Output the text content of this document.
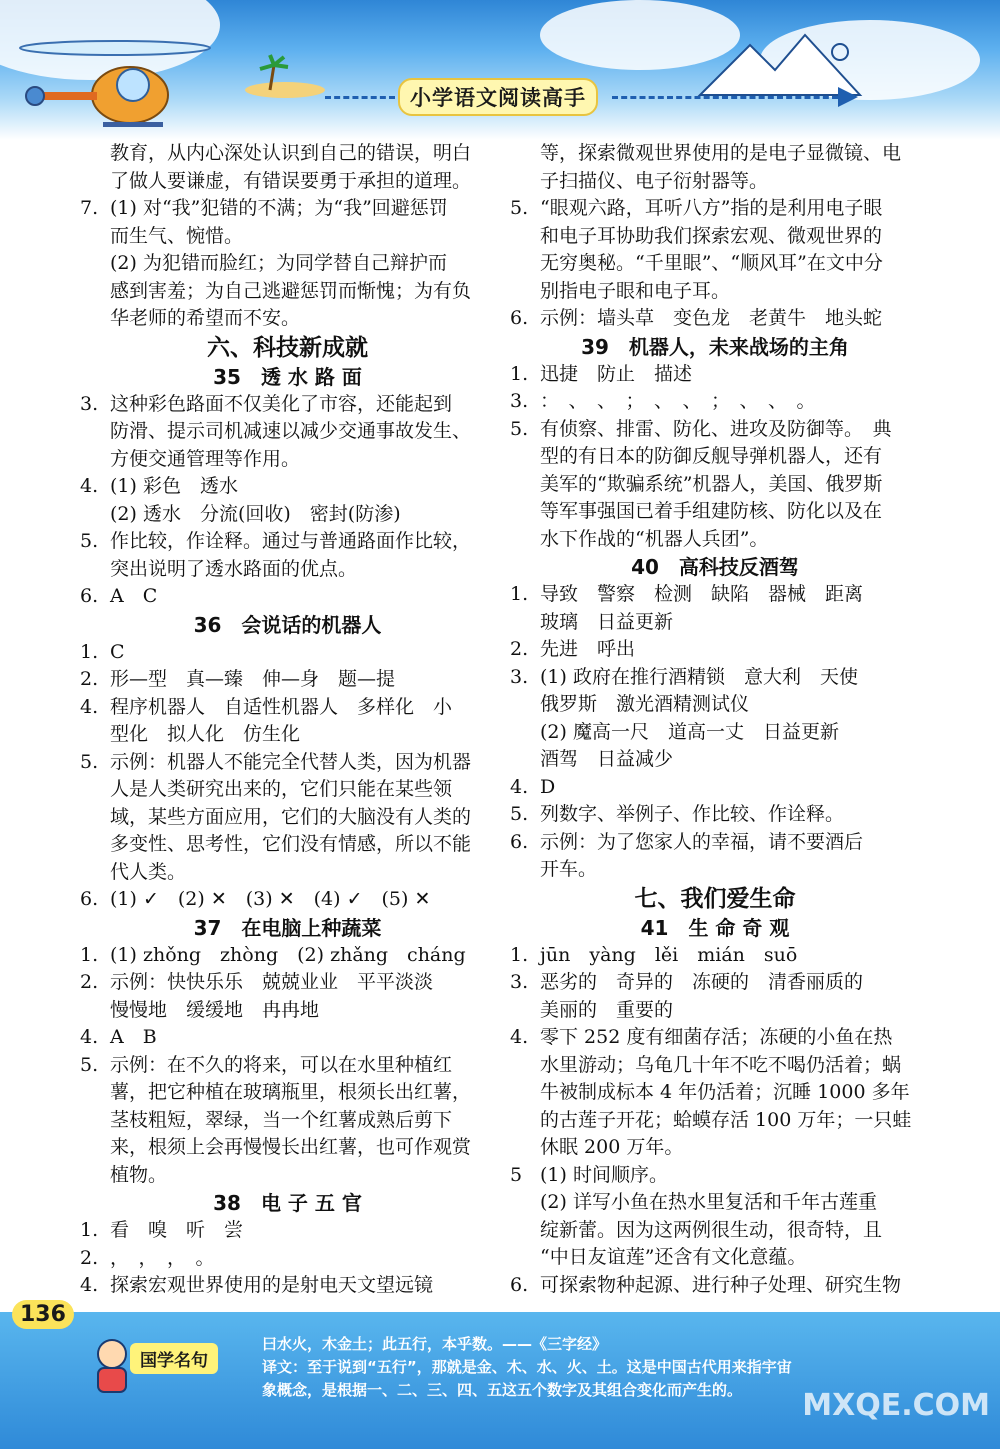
小学语文阅读高手
教育，从内心深处认识到自己的错误，明白
了做人要谦虚，有错误要勇于承担的道理。
7. (1) 对“我”犯错的不满；为“我”回避惩罚
而生气、惋惜。
(2) 为犯错而脸红；为同学替自己辩护而
感到害羞；为自己逃避惩罚而惭愧；为有负
华老师的希望而不安。
六、科技新成就
35　透 水 路 面
3. 这种彩色路面不仅美化了市容，还能起到
防滑、提示司机减速以减少交通事故发生、
方便交通管理等作用。
4. (1) 彩色　透水
(2) 透水　分流(回收)　密封(防渗)
5. 作比较，作诠释。通过与普通路面作比较，
突出说明了透水路面的优点。
6. A　C
36　会说话的机器人
1. C
2. 形—型　真—臻　伸—身　题—提
4. 程序机器人　自适性机器人　多样化　小
型化　拟人化　仿生化
5. 示例：机器人不能完全代替人类，因为机器
人是人类研究出来的，它们只能在某些领
域，某些方面应用，它们的大脑没有人类的
多变性、思考性，它们没有情感，所以不能
代人类。
6. (1) ✓　(2) ✕　(3) ✕　(4) ✓　(5) ✕
37　在电脑上种蔬菜
1. (1) zhǒng　zhòng　(2) zhǎng　cháng
2. 示例：快快乐乐　兢兢业业　平平淡淡
慢慢地　缓缓地　冉冉地
4. A　B
5. 示例：在不久的将来，可以在水里种植红
薯，把它种植在玻璃瓶里，根须长出红薯，
茎枝粗短，翠绿，当一个红薯成熟后剪下
来，根须上会再慢慢长出红薯，也可作观赏
植物。
38　电 子 五 官
1. 看　嗅　听　尝
2. ，　，　，　。
4. 探索宏观世界使用的是射电天文望远镜
等，探索微观世界使用的是电子显微镜、电
子扫描仪、电子衍射器等。
5. “眼观六路，耳听八方”指的是利用电子眼
和电子耳协助我们探索宏观、微观世界的
无穷奥秘。“千里眼”、“顺风耳”在文中分
别指电子眼和电子耳。
6. 示例：墙头草　变色龙　老黄牛　地头蛇
39　机器人，未来战场的主角
1. 迅捷　防止　描述
3. ：　、　、　；　、　、　；　、　、　。
5. 有侦察、排雷、防化、进攻及防御等。　典
型的有日本的防御反舰导弹机器人，还有
美军的“欺骗系统”机器人，美国、俄罗斯
等军事强国已着手组建防核、防化以及在
水下作战的“机器人兵团”。
40　高科技反酒驾
1. 导致　警察　检测　缺陷　器械　距离
玻璃　日益更新
2. 先进　呼出
3. (1) 政府在推行酒精锁　意大利　天使
俄罗斯　激光酒精测试仪
(2) 魔高一尺　道高一丈　日益更新
酒驾　日益减少
4. D
5. 列数字、举例子、作比较、作诠释。
6. 示例：为了您家人的幸福，请不要酒后
开车。
七、我们爱生命
41　生 命 奇 观
1. jūn　yàng　lěi　mián　suō
3. 恶劣的　奇异的　冻硬的　清香丽质的
美丽的　重要的
4. 零下 252 度有细菌存活；冻硬的小鱼在热
水里游动；乌龟几十年不吃不喝仍活着；蜗
牛被制成标本 4 年仍活着；沉睡 1000 多年
的古莲子开花；蛤蟆存活 100 万年；一只蛙
休眠 200 万年。
5 (1) 时间顺序。
(2) 详写小鱼在热水里复活和千年古莲重
绽新蕾。因为这两例很生动，很奇特，且
“中日友谊莲”还含有文化意蕴。
6. 可探索物种起源、进行种子处理、研究生物
136
国学名句
曰水火，木金土；此五行，本乎数。——《三字经》
译文：至于说到“五行”，那就是金、木、水、火、土。这是中国古代用来指宇宙
象概念，是根据一、二、三、四、五这五个数字及其组合变化而产生的。 MXQE.COM
